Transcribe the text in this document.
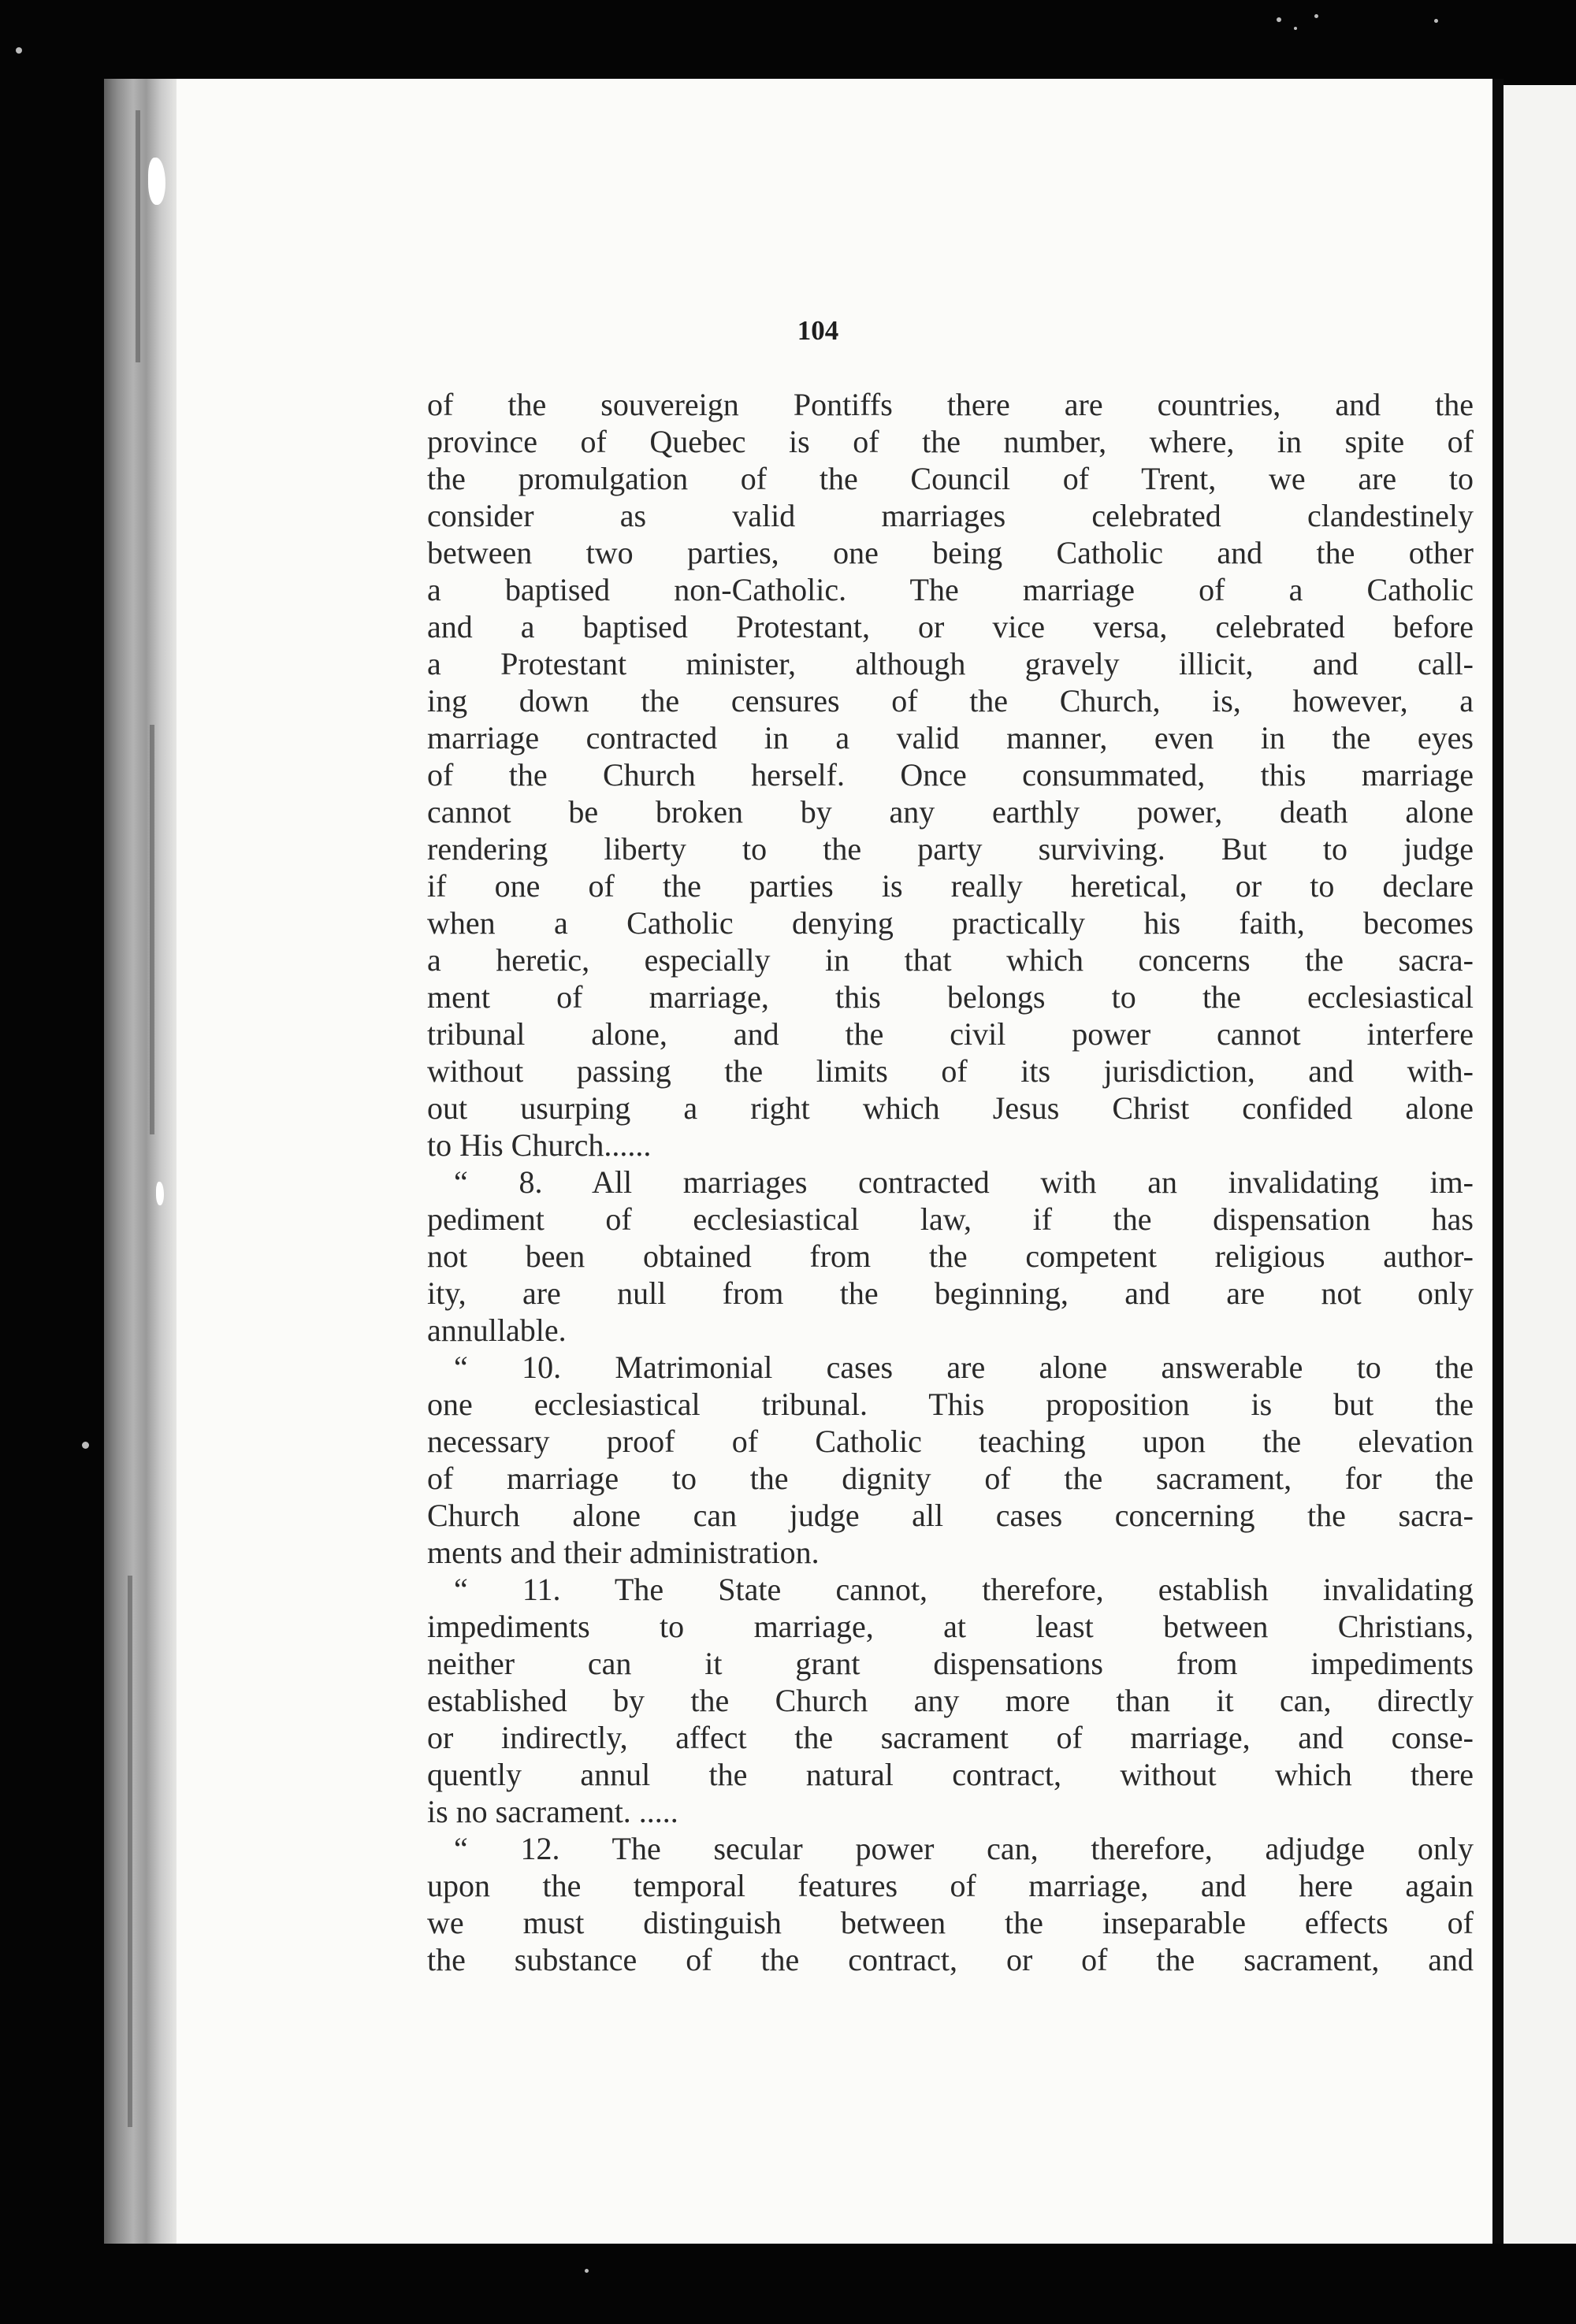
104
of the souvereign Pontiffs there are countries, and the
province of Quebec is of the number, where, in spite of
the promulgation of the Council of Trent, we are to
consider as valid marriages celebrated clandestinely
between two parties, one being Catholic and the other
a baptised non-Catholic. The marriage of a Catholic
and a baptised Protestant, or vice versa, celebrated before
a Protestant minister, although gravely illicit, and call-
ing down the censures of the Church, is, however, a
marriage contracted in a valid manner, even in the eyes
of the Church herself. Once consummated, this marriage
cannot be broken by any earthly power, death alone
rendering liberty to the party surviving. But to judge
if one of the parties is really heretical, or to declare
when a Catholic denying practically his faith, becomes
a heretic, especially in that which concerns the sacra-
ment of marriage, this belongs to the ecclesiastical
tribunal alone, and the civil power cannot interfere
without passing the limits of its jurisdiction, and with-
out usurping a right which Jesus Christ confided alone
to His Church......
“ 8. All marriages contracted with an invalidating im-
pediment of ecclesiastical law, if the dispensation has
not been obtained from the competent religious author-
ity, are null from the beginning, and are not only
annullable.
“ 10. Matrimonial cases are alone answerable to the
one ecclesiastical tribunal. This proposition is but the
necessary proof of Catholic teaching upon the elevation
of marriage to the dignity of the sacrament, for the
Church alone can judge all cases concerning the sacra-
ments and their administration.
“ 11. The State cannot, therefore, establish invalidating
impediments to marriage, at least between Christians,
neither can it grant dispensations from impediments
established by the Church any more than it can, directly
or indirectly, affect the sacrament of marriage, and conse-
quently annul the natural contract, without which there
is no sacrament. .....
“ 12. The secular power can, therefore, adjudge only
upon the temporal features of marriage, and here again
we must distinguish between the inseparable effects of
the substance of the contract, or of the sacrament, and
